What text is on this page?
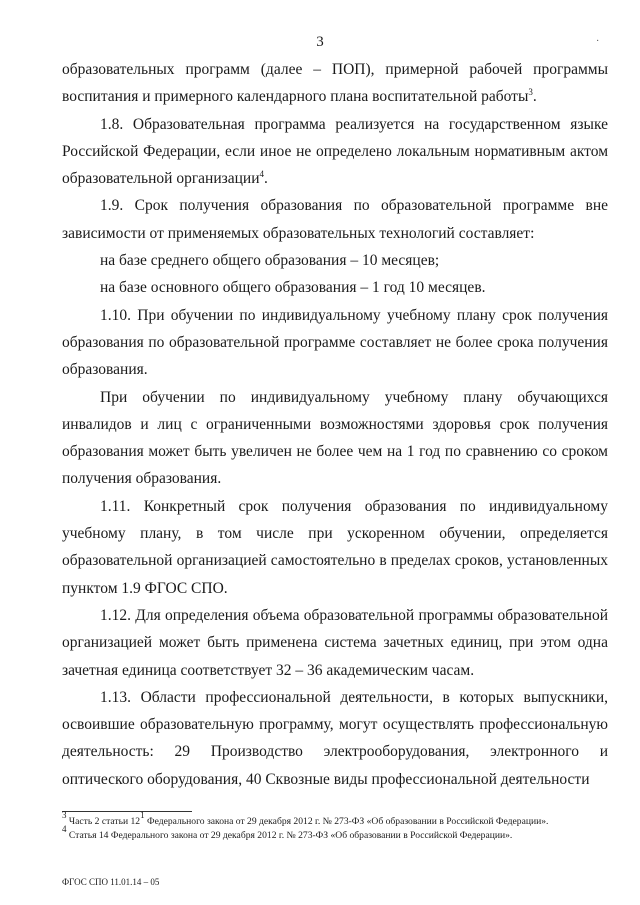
3	·

образовательных программ (далее – ПОП), примерной рабочей программы воспитания и примерного календарного плана воспитательной работы$^3$.

1.8. Образовательная программа реализуется на государственном языке Российской Федерации, если иное не определено локальным нормативным актом образовательной организации$^4$.

1.9. Срок получения образования по образовательной программе вне зависимости от применяемых образовательных технологий составляет:

на базе среднего общего образования – 10 месяцев;

на базе основного общего образования – 1 год 10 месяцев.

1.10. При обучении по индивидуальному учебному плану срок получения образования по образовательной программе составляет не более срока получения образования.

При обучении по индивидуальному учебному плану обучающихся инвалидов и лиц с ограниченными возможностями здоровья срок получения образования может быть увеличен не более чем на 1 год по сравнению со сроком получения образования.

1.11. Конкретный срок получения образования по индивидуальному учебному плану, в том числе при ускоренном обучении, определяется образовательной организацией самостоятельно в пределах сроков, установленных пунктом 1.9 ФГОС СПО.

1.12. Для определения объема образовательной программы образовательной организацией может быть применена система зачетных единиц, при этом одна зачетная единица соответствует 32 – 36 академическим часам.

1.13. Области профессиональной деятельности, в которых выпускники, освоившие образовательную программу, могут осуществлять профессиональную деятельность: 29 Производство электрооборудования, электронного и оптического оборудования, 40 Сквозные виды профессиональной деятельности

$^3$ Часть 2 статьи $12^1$ Федерального закона от 29 декабря 2012 г. № 273-ФЗ «Об образовании в Российской Федерации».

$^4$ Статья 14 Федерального закона от 29 декабря 2012 г. № 273-ФЗ «Об образовании в Российской Федерации».

ФГОС СПО 11.01.14 – 05
